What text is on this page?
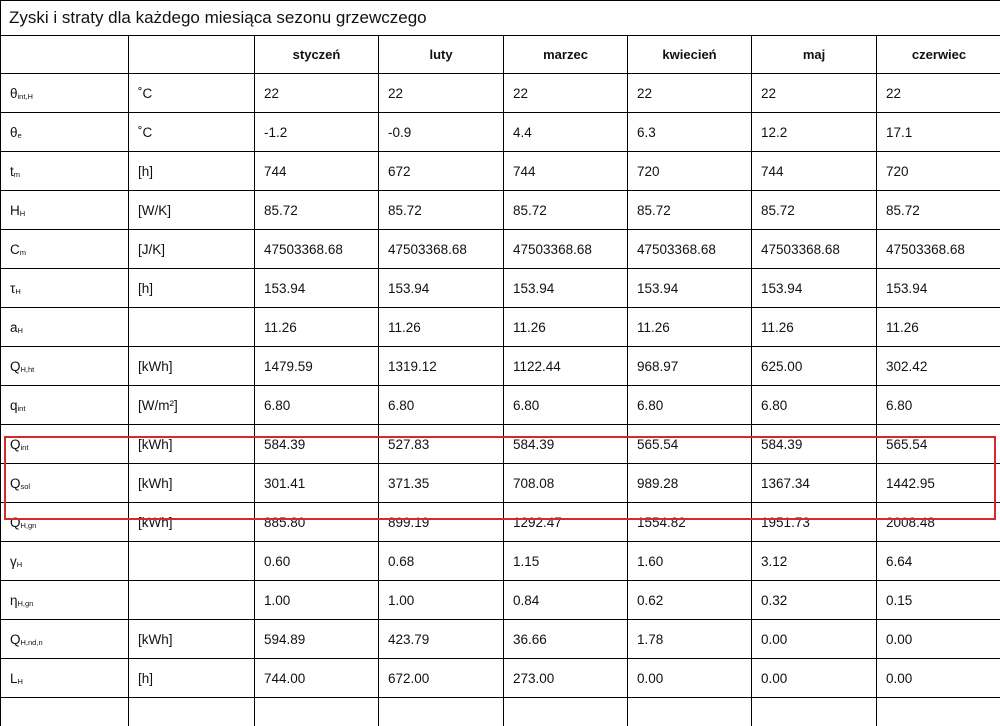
Zyski i straty dla każdego miesiąca sezonu grzewczego							
		styczeń	luty	marzec	kwiecień	maj	czerwiec
$\theta_{int,H}$	˚C	22	22	22	22	22	22
$\theta_e$	˚C	-1.2	-0.9	4.4	6.3	12.2	17.1
$t_m$	[h]	744	672	744	720	744	720
$H_H$	[W/K]	85.72	85.72	85.72	85.72	85.72	85.72
$C_m$	[J/K]	47503368.68	47503368.68	47503368.68	47503368.68	47503368.68	47503368.68
$\tau_H$	[h]	153.94	153.94	153.94	153.94	153.94	153.94
$a_H$		11.26	11.26	11.26	11.26	11.26	11.26
$Q_{H,ht}$	[kWh]	1479.59	1319.12	1122.44	968.97	625.00	302.42
$q_{int}$	[W/m²]	6.80	6.80	6.80	6.80	6.80	6.80
$Q_{int}$	[kWh]	584.39	527.83	584.39	565.54	584.39	565.54
$Q_{sol}$	[kWh]	301.41	371.35	708.08	989.28	1367.34	1442.95
$Q_{H,gn}$	[kWh]	885.80	899.19	1292.47	1554.82	1951.73	2008.48
$\gamma_H$		0.60	0.68	1.15	1.60	3.12	6.64
$\eta_{H,gn}$		1.00	1.00	0.84	0.62	0.32	0.15
$Q_{H,nd,n}$	[kWh]	594.89	423.79	36.66	1.78	0.00	0.00
$L_H$	[h]	744.00	672.00	273.00	0.00	0.00	0.00
